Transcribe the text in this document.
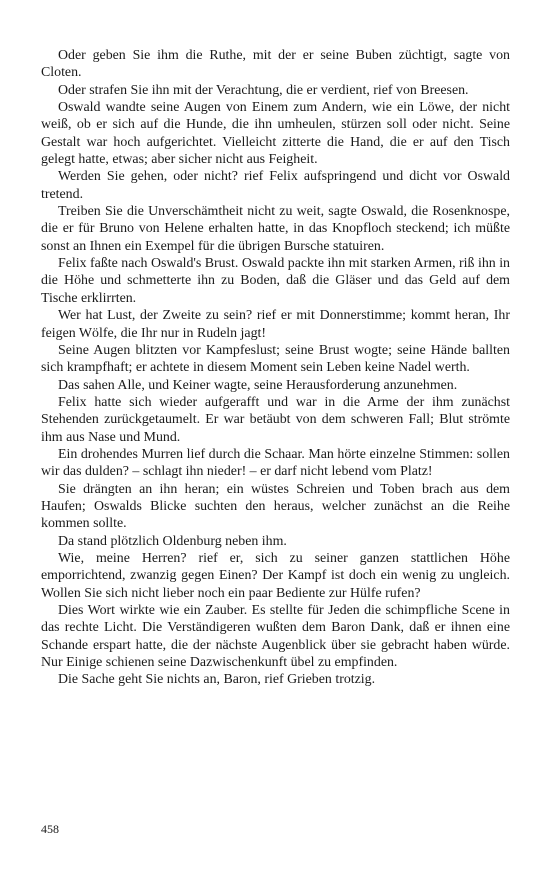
Oder geben Sie ihm die Ruthe, mit der er seine Buben züchtigt, sagte von Cloten.

Oder strafen Sie ihn mit der Verachtung, die er verdient, rief von Breesen.

Oswald wandte seine Augen von Einem zum Andern, wie ein Löwe, der nicht weiß, ob er sich auf die Hunde, die ihn umheulen, stürzen soll oder nicht. Seine Gestalt war hoch aufgerichtet. Vielleicht zitterte die Hand, die er auf den Tisch gelegt hatte, etwas; aber sicher nicht aus Feigheit.

Werden Sie gehen, oder nicht? rief Felix aufspringend und dicht vor Oswald tretend.

Treiben Sie die Unverschämtheit nicht zu weit, sagte Oswald, die Rosenknospe, die er für Bruno von Helene erhalten hatte, in das Knopfloch steckend; ich müßte sonst an Ihnen ein Exempel für die übrigen Bursche statuiren.

Felix faßte nach Oswald's Brust. Oswald packte ihn mit starken Armen, riß ihn in die Höhe und schmetterte ihn zu Boden, daß die Gläser und das Geld auf dem Tische erklirrten.

Wer hat Lust, der Zweite zu sein? rief er mit Donnerstimme; kommt heran, Ihr feigen Wölfe, die Ihr nur in Rudeln jagt!

Seine Augen blitzten vor Kampfeslust; seine Brust wogte; seine Hände ballten sich krampfhaft; er achtete in diesem Moment sein Leben keine Nadel werth.

Das sahen Alle, und Keiner wagte, seine Herausforderung anzunehmen.

Felix hatte sich wieder aufgerafft und war in die Arme der ihm zunächst Stehenden zurückgetaumelt. Er war betäubt von dem schweren Fall; Blut strömte ihm aus Nase und Mund.

Ein drohendes Murren lief durch die Schaar. Man hörte einzelne Stimmen: sollen wir das dulden? – schlagt ihn nieder! – er darf nicht lebend vom Platz!

Sie drängten an ihn heran; ein wüstes Schreien und Toben brach aus dem Haufen; Oswalds Blicke suchten den heraus, welcher zunächst an die Reihe kommen sollte.

Da stand plötzlich Oldenburg neben ihm.

Wie, meine Herren? rief er, sich zu seiner ganzen stattlichen Höhe emporrichtend, zwanzig gegen Einen? Der Kampf ist doch ein wenig zu ungleich. Wollen Sie sich nicht lieber noch ein paar Bediente zur Hülfe rufen?

Dies Wort wirkte wie ein Zauber. Es stellte für Jeden die schimpfliche Scene in das rechte Licht. Die Verständigeren wußten dem Baron Dank, daß er ihnen eine Schande erspart hatte, die der nächste Augenblick über sie gebracht haben würde. Nur Einige schienen seine Dazwischenkunft übel zu empfinden.

Die Sache geht Sie nichts an, Baron, rief Grieben trotzig.

458
